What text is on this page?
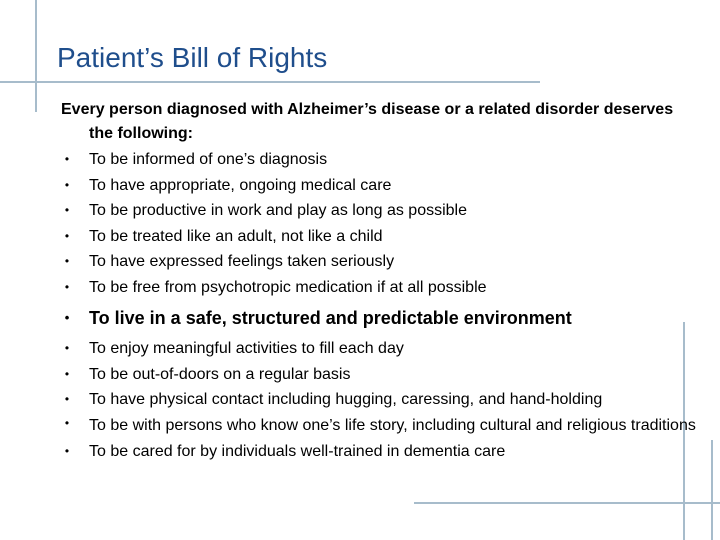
Patient’s Bill of Rights

Every person diagnosed with Alzheimer’s disease or a related disorder deserves the following:

• To be informed of one’s diagnosis
• To have appropriate, ongoing medical care
• To be productive in work and play as long as possible
• To be treated like an adult, not like a child
• To have expressed feelings taken seriously
• To be free from psychotropic medication if at all possible
• To live in a safe, structured and predictable environment
• To enjoy meaningful activities to fill each day
• To be out-of-doors on a regular basis
• To have physical contact including hugging, caressing, and hand-holding
• To be with persons who know one’s life story, including cultural and religious traditions
• To be cared for by individuals well-trained in dementia care
